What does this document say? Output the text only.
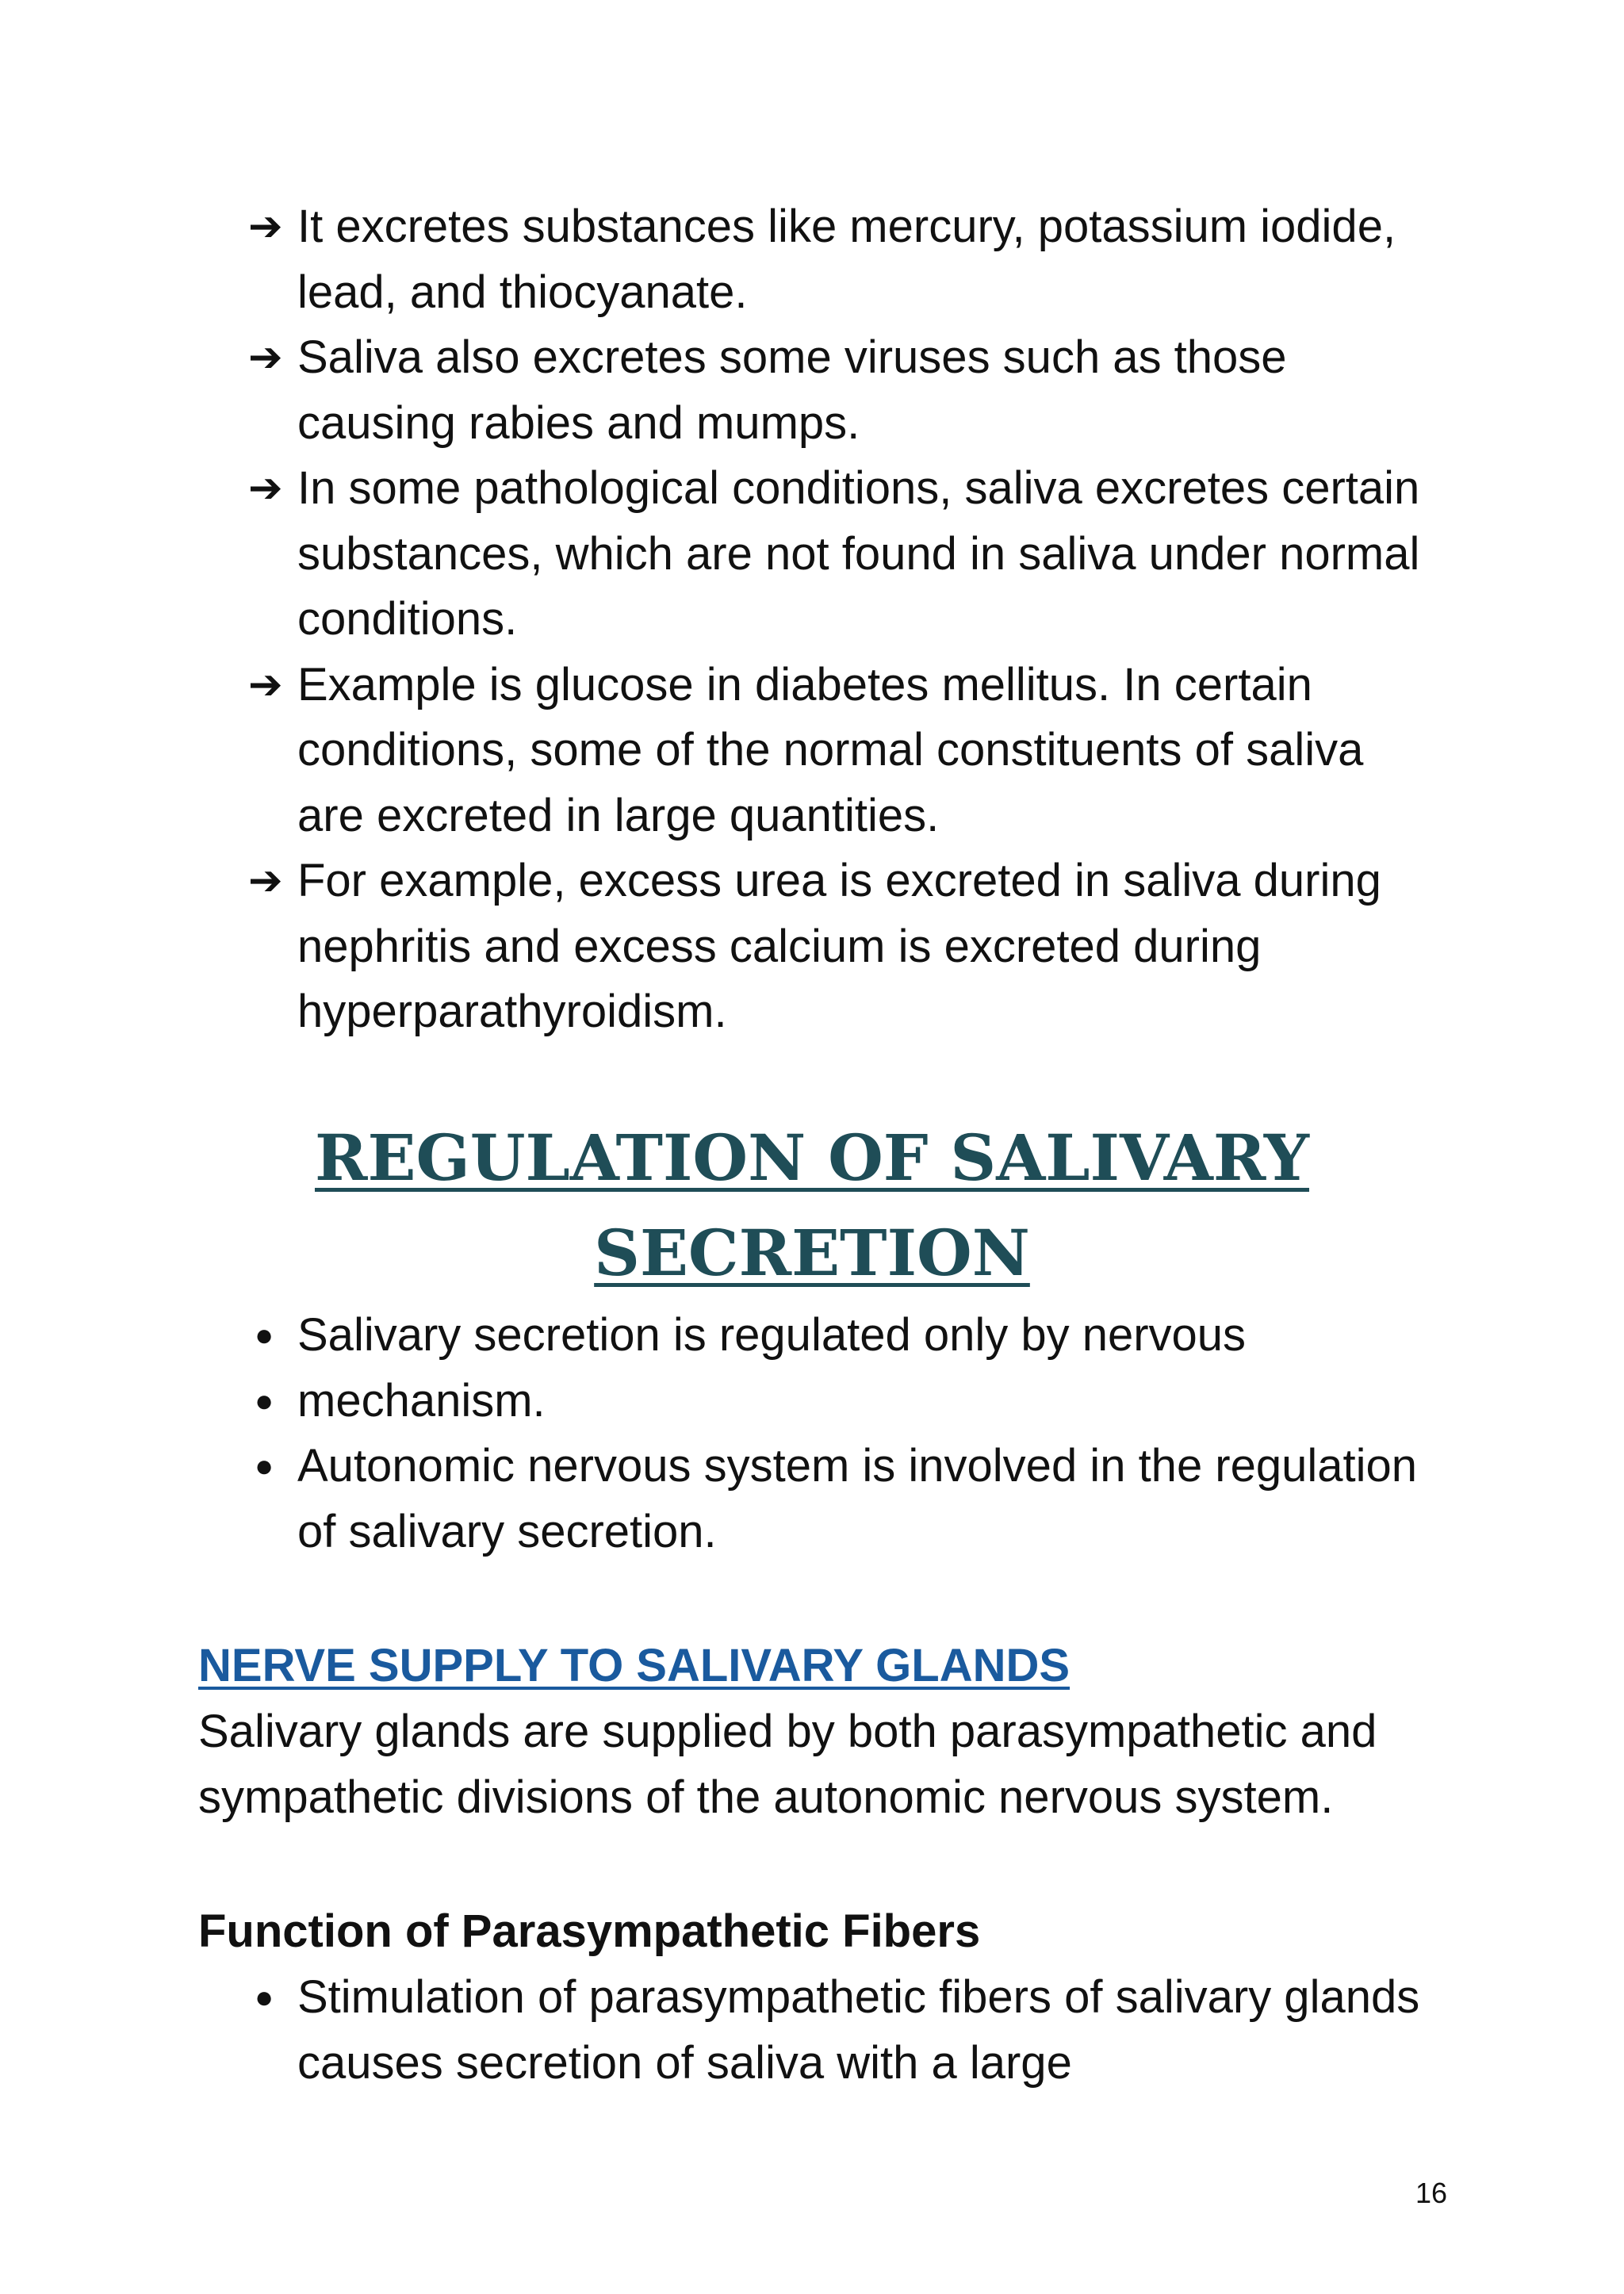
➔ It excretes substances like mercury, potassium iodide, lead, and thiocyanate.
➔ Saliva also excretes some viruses such as those causing rabies and mumps.
➔ In some pathological conditions, saliva excretes certain substances, which are not found in saliva under normal conditions.
➔ Example is glucose in diabetes mellitus. In certain conditions, some of the normal constituents of saliva are excreted in large quantities.
➔ For example, excess urea is excreted in saliva during nephritis and excess calcium is excreted during hyperparathyroidism.
REGULATION OF SALIVARY
SECRETION
● Salivary secretion is regulated only by nervous
● mechanism.
● Autonomic nervous system is involved in the regulation of salivary secretion.
NERVE SUPPLY TO SALIVARY GLANDS

Salivary glands are supplied by both parasympathetic and sympathetic divisions of the autonomic nervous system.

Function of Parasympathetic Fibers
● Stimulation of parasympathetic fibers of salivary glands causes secretion of saliva with a large
16
